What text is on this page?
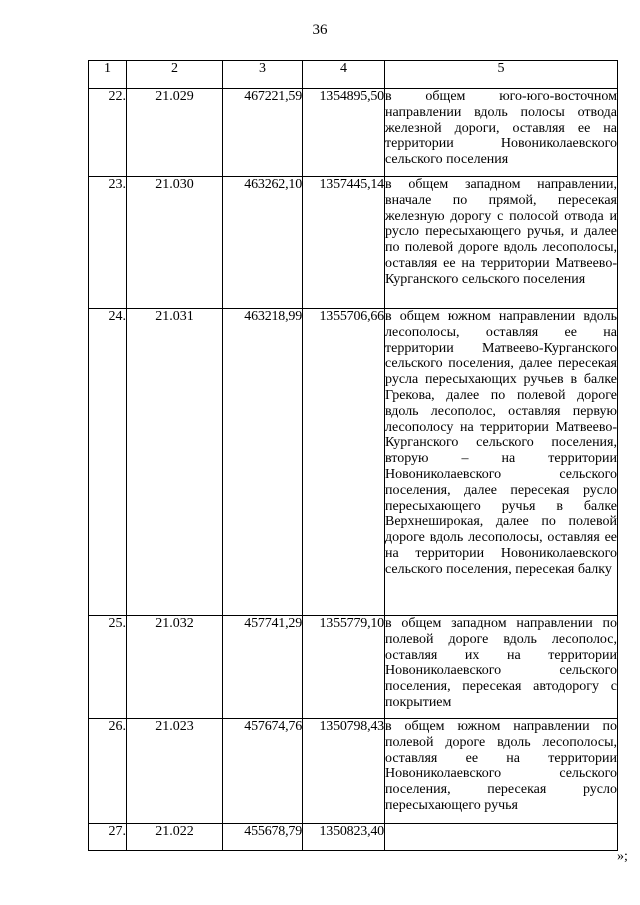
36
1	2	3	4	5
22.	21.029	467221,59	1354895,50	в общем юго-юго-восточном направлении вдоль полосы отвода железной дороги, оставляя ее на территории Новониколаевского сельского поселения
23.	21.030	463262,10	1357445,14	в общем западном направлении, вначале по прямой, пересекая железную дорогу с полосой отвода и русло пересыхающего ручья, и далее по полевой дороге вдоль лесополосы, оставляя ее на территории Матвеево-Курганского сельского поселения
24.	21.031	463218,99	1355706,66	в общем южном направлении вдоль лесополосы, оставляя ее на территории Матвеево-Курганского сельского поселения, далее пересекая русла пересыхающих ручьев в балке Грекова, далее по полевой дороге вдоль лесополос, оставляя первую лесополосу на территории Матвеево-Курганского сельского поселения, вторую – на территории Новониколаевского сельского поселения, далее пересекая русло пересыхающего ручья в балке Верхнеширокая, далее по полевой дороге вдоль лесополосы, оставляя ее на территории Новониколаевского сельского поселения, пересекая балку
25.	21.032	457741,29	1355779,10	в общем западном направлении по полевой дороге вдоль лесополос, оставляя их на территории Новониколаевского сельского поселения, пересекая автодорогу с покрытием
26.	21.023	457674,76	1350798,43	в общем южном направлении по полевой дороге вдоль лесополосы, оставляя ее на территории Новониколаевского сельского поселения, пересекая русло пересыхающего ручья
27.	21.022	455678,79	1350823,40	
»;
